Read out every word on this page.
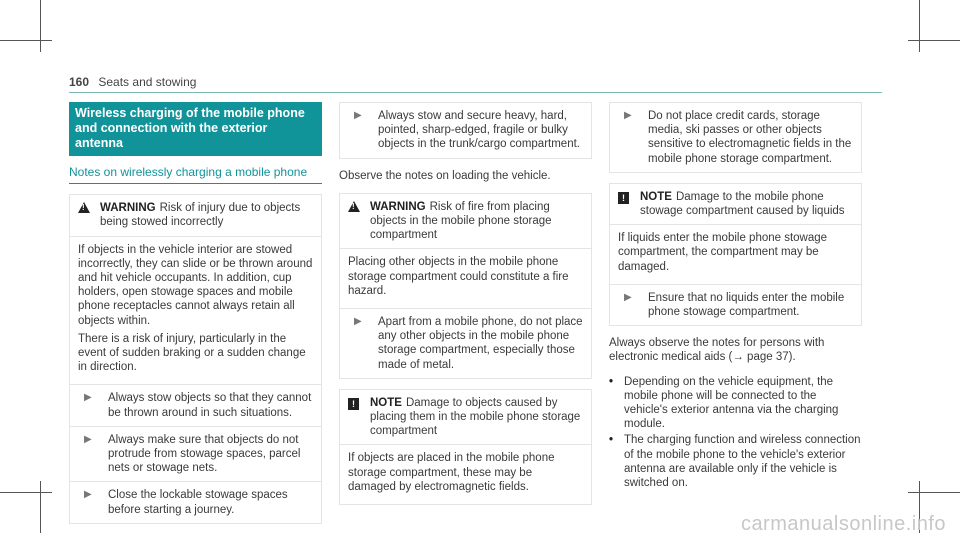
160 Seats and stowing
Wireless charging of the mobile phone and connection with the exterior antenna
Notes on wirelessly charging a mobile phone
!
WARNING Risk of injury due to objects being stowed incorrectly

If objects in the vehicle interior are stowed incorrectly, they can slide or be thrown around and hit vehicle occupants. In addition, cup holders, open stowage spaces and mobile phone receptacles cannot always retain all objects within.

There is a risk of injury, particularly in the event of sudden braking or a sudden change in direction.

▶	Always stow objects so that they cannot be thrown around in such situations.
▶	Always make sure that objects do not protrude from stowage spaces, parcel nets or stowage nets.
▶	Close the lockable stowage spaces before starting a journey.
▶	Always stow and secure heavy, hard, pointed, sharp-edged, fragile or bulky objects in the trunk/cargo compartment.

Observe the notes on loading the vehicle.

!
WARNING Risk of fire from placing objects in the mobile phone storage compartment

Placing other objects in the mobile phone storage compartment could constitute a fire hazard.

▶	Apart from a mobile phone, do not place any other objects in the mobile phone storage compartment, especially those made of metal.
!	NOTE Damage to objects caused by placing them in the mobile phone storage compartment

If objects are placed in the mobile phone storage compartment, these may be damaged by electromagnetic fields.

▶	Do not place credit cards, storage media, ski passes or other objects sensitive to electromagnetic fields in the mobile phone storage compartment.
!	NOTE Damage to the mobile phone stowage compartment caused by liquids

If liquids enter the mobile phone stowage compartment, the compartment may be damaged.

▶	Ensure that no liquids enter the mobile phone stowage compartment.

Always observe the notes for persons with electronic medical aids (→ page 37).

• Depending on the vehicle equipment, the mobile phone will be connected to the vehicle's exterior antenna via the charging module.
• The charging function and wireless connection of the mobile phone to the vehicle's exterior antenna are available only if the vehicle is switched on.
carmanualsonline.info
